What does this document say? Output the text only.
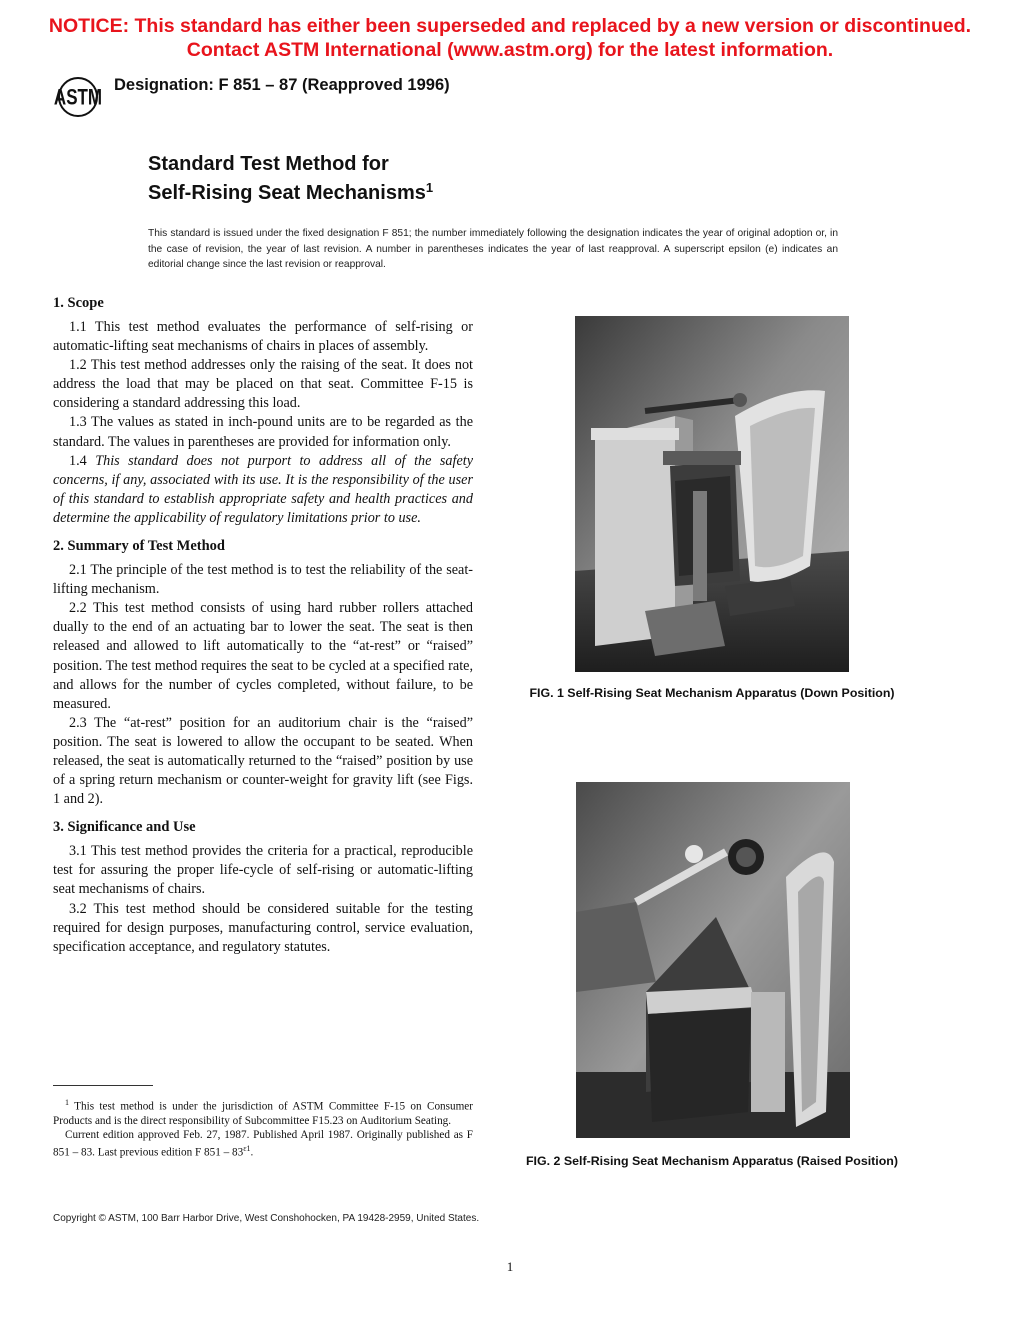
NOTICE: This standard has either been superseded and replaced by a new version or discontinued.
Contact ASTM International (www.astm.org) for the latest information.
ASTM
Designation: F 851 – 87 (Reapproved 1996)
Standard Test Method for
Self-Rising Seat Mechanisms$^1$
This standard is issued under the fixed designation F 851; the number immediately following the designation indicates the year of original adoption or, in the case of revision, the year of last revision. A number in parentheses indicates the year of last reapproval. A superscript epsilon (e) indicates an editorial change since the last revision or reapproval.
1. Scope

1.1 This test method evaluates the performance of self-rising or automatic-lifting seat mechanisms of chairs in places of assembly.

1.2 This test method addresses only the raising of the seat. It does not address the load that may be placed on that seat. Committee F-15 is considering a standard addressing this load.

1.3 The values as stated in inch-pound units are to be regarded as the standard. The values in parentheses are provided for information only.

1.4 This standard does not purport to address all of the safety concerns, if any, associated with its use. It is the responsibility of the user of this standard to establish appropriate safety and health practices and determine the applicability of regulatory limitations prior to use.

2. Summary of Test Method

2.1 The principle of the test method is to test the reliability of the seat-lifting mechanism.

2.2 This test method consists of using hard rubber rollers attached dually to the end of an actuating bar to lower the seat. The seat is then released and allowed to lift automatically to the “at-rest” or “raised” position. The test method requires the seat to be cycled at a specified rate, and allows for the number of cycles completed, without failure, to be measured.

2.3 The “at-rest” position for an auditorium chair is the “raised” position. The seat is lowered to allow the occupant to be seated. When released, the seat is automatically returned to the “raised” position by use of a spring return mechanism or counter-weight for gravity lift (see Figs. 1 and 2).

3. Significance and Use

3.1 This test method provides the criteria for a practical, reproducible test for assuring the proper life-cycle of self-rising or automatic-lifting seat mechanisms of chairs.

3.2 This test method should be considered suitable for the testing required for design purposes, manufacturing control, service evaluation, specification acceptance, and regulatory statutes.

FIG. 1 Self-Rising Seat Mechanism Apparatus (Down Position)
FIG. 2 Self-Rising Seat Mechanism Apparatus (Raised Position)

$^1$ This test method is under the jurisdiction of ASTM Committee F-15 on Consumer Products and is the direct responsibility of Subcommittee F15.23 on Auditorium Seating.

Current edition approved Feb. 27, 1987. Published April 1987. Originally published as F 851 – 83. Last previous edition F $851 - 83^{\varepsilon 1}$.

Copyright © ASTM, 100 Barr Harbor Drive, West Conshohocken, PA 19428-2959, United States.
1
